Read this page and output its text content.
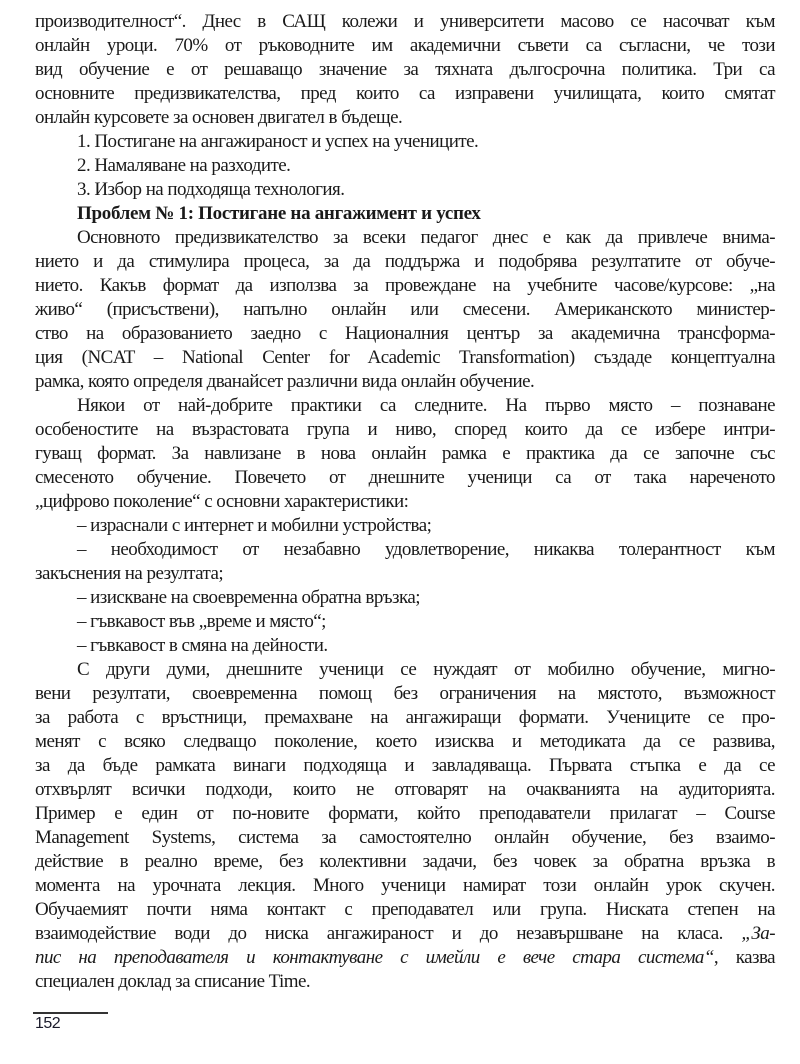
производителност“. Днес в САЩ колежи и университети масово се насочват към
онлайн уроци. 70% от ръководните им академични съвети са съгласни, че този
вид обучение е от решаващо значение за тяхната дългосрочна политика. Три са
основните предизвикателства, пред които са изправени училищата, които смятат
онлайн курсовете за основен двигател в бъдеще.
1. Постигане на ангажираност и успех на учениците.
2. Намаляване на разходите.
3. Избор на подходяща технология.
Проблем № 1: Постигане на ангажимент и успех
Основното предизвикателство за всеки педагог днес е как да привлече внима-
нието и да стимулира процеса, за да поддържа и подобрява резултатите от обуче-
нието. Какъв формат да използва за провеждане на учебните часове/курсове: „на
живо“ (присъствени), напълно онлайн или смесени. Американското министер-
ство на образованието заедно с Националния център за академична трансформа-
ция (NCAT – National Center for Academic Transformation) създаде концептуална
рамка, която определя дванайсет различни вида онлайн обучение.
Някои от най-добрите практики са следните. На първо място – познаване
особеностите на възрастовата група и ниво, според които да се избере интри-
гуващ формат. За навлизане в нова онлайн рамка е практика да се започне със
смесеното обучение. Повечето от днешните ученици са от така нареченото
„цифрово поколение“ с основни характеристики:
– израснали с интернет и мобилни устройства;
– необходимост от незабавно удовлетворение, никаква толерантност към
закъснения на резултата;
– изискване на своевременна обратна връзка;
– гъвкавост във „време и място“;
– гъвкавост в смяна на дейности.
С други думи, днешните ученици се нуждаят от мобилно обучение, мигно-
вени резултати, своевременна помощ без ограничения на мястото, възможност
за работа с връстници, премахване на ангажиращи формати. Учениците се про-
менят с всяко следващо поколение, което изисква и методиката да се развива,
за да бъде рамката винаги подходяща и завладяваща. Първата стъпка е да се
отхвърлят всички подходи, които не отговарят на очакванията на аудиторията.
Пример е един от по-новите формати, който преподаватели прилагат – Course
Management Systems, система за самостоятелно онлайн обучение, без взаимо-
действие в реално време, без колективни задачи, без човек за обратна връзка в
момента на урочната лекция. Много ученици намират този онлайн урок скучен.
Обучаемият почти няма контакт с преподавател или група. Ниската степен на
взаимодействие води до ниска ангажираност и до незавършване на класа. „За-
пис на преподавателя и контактуване с имейли е вече стара система“, казва
специален доклад за списание Time.
152
